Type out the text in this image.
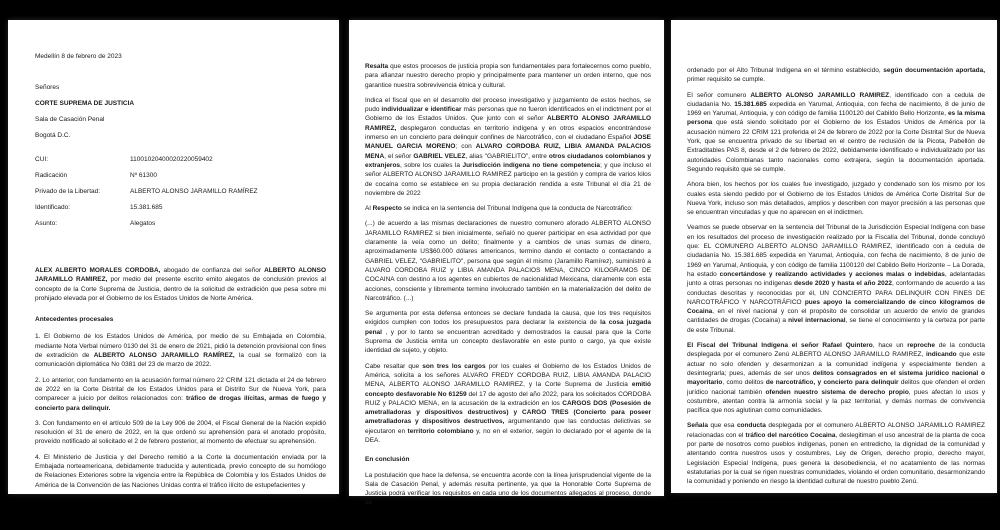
Medellín 8 de febrero de 2023

Señores

CORTE SUPREMA DE JUSTICIA

Sala de Casación Penal

Bogotá D.C.

CUI:	11001020400020220059402
Radicación	Nº 61300
Privado de la Libertad:	ALBERTO ALONSO JARAMILLO RAMÍREZ
Identificado:	15.381.685
Asunto:	Alegatos

ALEX ALBERTO MORALES CORDOBA, abogado de confianza del señor ALBERTO ALONSO JARAMILLO RAMIREZ, por medio del presente escrito emito alegatos de conclusión previos al concepto de la Corte Suprema de Justicia, dentro de la solicitud de extradición que pesa sobre mi prohijado elevada por el Gobierno de los Estados Unidos de Norte América.

Antecedentes procesales

1. El Gobierno de los Estados Unidos de América, por medio de su Embajada en Colombia, mediante Nota Verbal número 0130 del 31 de enero de 2021, pidió la detención provisional con fines de extradición de ALBERTO ALONSO JARAMILLO RAMÍREZ, la cual se formalizó con la comunicación diplomática No 0381 del 23 de marzo de 2022.

2. Lo anterior, con fundamento en la acusación formal número 22 CRIM 121 dictada el 24 de febrero de 2022 en la Corte Distrital de los Estados Unidos para el Distrito Sur de Nueva York, para comparecer a juicio por delitos relacionados con: tráfico de drogas ilícitas, armas de fuego y concierto para delinquir.

3. Con fundamento en el artículo 509 de la Ley 906 de 2004, el Fiscal General de la Nación expidió resolución el 31 de enero de 2022, en la que ordenó su aprehensión para el anotado propósito, proveído notificado al solicitado el 2 de febrero posterior, al momento de efectuar su aprehensión.

4. El Ministerio de Justicia y del Derecho remitió a la Corte la documentación enviada por la Embajada norteamericana, debidamente traducida y autenticada, previo concepto de su homólogo de Relaciones Exteriores sobre la vigencia entre la República de Colombia y los Estados Unidos de América de la Convención de las Naciones Unidas contra el tráfico ilícito de estupefacientes y

Resalta que estos procesos de justicia propia son fundamentales para fortalecernos como pueblo, para afianzar nuestro derecho propio y principalmente para mantener un orden interno, que nos garantice nuestra sobrevivencia étnica y cultural.

Indica el fiscal que en el desarrollo del proceso investigativo y juzgamiento de estos hechos, se pudo individualizar e identificar más personas que no fueron identificados en el indictment por el Gobierno de los Estados Unidos. Que junto con el señor ALBERTO ALONSO JARAMILLO RAMIREZ, desplegaron conductas en territorio indígena y en otros espacios encontrándose inmerso en un concierto para delinquir confines de Narcotráfico, con el ciudadano Español JOSE MANUEL GARCIA MORENO; con ALVARO CORDOBA RUIZ, LIBIA AMANDA PALACIOS MENA, el señor GABRIEL VELEZ, alias "GABRIELITO", entre otros ciudadanos colombianos y extranjeros, sobre los cuales la Jurisdicción indígena no tiene competencia; y que incluso el señor ALBERTO ALONSO JARAMILLO RAMIREZ participo en la gestión y compra de varios kilos de cocaína como se establece en su propia declaración rendida a este Tribunal el día 21 de noviembre de 2022

Al Respecto se indica en la sentencia del Tribunal Indígena que la conducta de Narcotráfico:

(...) de acuerdo a las mismas declaraciones de nuestro comunero aforado ALBERTO ALONSO JARAMILLO RAMIREZ si bien inicialmente, señaló no querer participar en esa actividad por que claramente la veía como un delito; finalmente y a cambios de unas sumas de dinero, aproximadamente US$60.000 dólares americanos, termino dando el contacto o contactando a GABRIEL VELEZ, "GABRIELITO", persona que según él mismo (Jaramillo Ramírez), suministró a ALVARO CORDOBA RUIZ y LIBIA AMANDA PALACIOS MENA, CINCO KILOGRAMOS DE COCAINA con destino a los agentes en cubiertos de nacionalidad Mexicana, claramente con esta acciones, consciente y libremente termino involucrado también en la materialización del delito de Narcotráfico. (...)

Se argumenta por esta defensa entonces se declare fundada la causa, que los tres requisitos exigidos cumplen con todos los presupuestos para declarar la existencia de la cosa juzgada penal , y por lo tanto se encuentran acreditado y demostrados la causal para que la Corte Suprema de Justicia emita un concepto desfavorable en este punto o cargo, ya que existe identidad de sujeto, y objeto.

Cabe resaltar que son tres los cargos por los cuales el Gobierno de los Estados Unidos de América, solicita a los señores ALVARO FREDY CORDOBA RUIZ, LIBIA AMANDA PALACIO MENA, ALBERTO ALONSO JARAMILLO RAMIREZ, y la Corte Suprema de Justicia emitió concepto desfavorable No 61259 del 17 de agosto del año 2022, para los solicitados CORDOBA RUIZ y PALACIO MENA, en la acusación de la extradición en los CARGOS DOS (Posesión de ametralladoras y dispositivos destructivos) y CARGO TRES (Concierto para poseer ametralladoras y dispositivos destructivos, argumentando que las conductas delictivas se ejecutaron en territorio colombiano y, no en el exterior, según lo declarado por el agente de la DEA.

En conclusión

La postulación que hace la defensa, se encuentra acorde con la línea jurisprudencial vigente de la Sala de Casación Penal, y además resulta pertinente, ya que la Honorable Corte Suprema de Justicia podrá verificar los requisitos en cada uno de los documentos allegados al proceso, donde se

ordenado por el Alto Tribunal Indígena en el término establecido, según documentación aportada, primer requisito se cumple.

El señor comunero ALBERTO ALONSO JARAMILLO RAMIREZ, identificado con a cedula de ciudadanía No. 15.381.685 expedida en Yarumal, Antioquia, con fecha de nacimiento, 8 de junio de 1969 en Yarumal, Antioquia, y con código de familia 1100120 del Cabildo Bello Horizonte, es la misma persona que está siendo solicitado por el Gobierno de los Estados Unidos de América por la acusación número 22 CRIM 121 proferida el 24 de febrero de 2022 por la Corte Distrital Sur de Nueva York, que se encuentra privado de su libertad en el centro de reclusión de la Picota, Pabellón de Extraditables PAS 8, desde el 2 de febrero de 2022, debidamente identificado e individualizado por las autoridades Colombianas tanto nacionales como extrajera, según la documentación aportada. Segundo requisito que se cumple.

Ahora bien, los hechos por los cuales fue investigado, juzgado y condenado son los mismo por los cuales esta siendo pedido por el Gobierno de los Estados Unidos de América Corte Distrital Sur de Nueva York, incluso son más detallados, amplios y describen con mayor precisión a las personas que se encuentran vinculadas y que no aparecen en el indictmen.

Veamos se puede observar en la sentencia del Tribunal de la Jurisdicción Especial Indígena con base en los resultados del proceso de investigación realizado por la Fiscalía del Tribunal, donde concluyó que: EL COMUNERO ALBERTO ALONSO JARAMILLO RAMIREZ, identificado con a cedula de ciudadanía No. 15.381.685 expedida en Yarumal, Antioquia, con fecha de nacimiento, 8 de junio de 1969 en Yarumal, Antioquia, y con código de familia 1100120 del Cabildo Bello Horizonte – La Dorada, ha estado concertándose y realizando actividades y acciones malas o indebidas, adelantadas junto a otras personas no indígenas desde 2020 y hasta el año 2022, conformando de acuerdo a las conductas descritas y reconocidas por él, UN CONCIERTO PARA DELINQUIR CON FINES DE NARCOTRÁFICO Y NARCOTRÁFICO pues apoyo la comercializando de cinco kilogramos de Cocaina, en el nivel nacional y con el propósito de consolidar un acuerdo de envío de grandes cantidades de drogas (Cocaina) a nivel internacional, se tiene el conocimiento y la certeza por parte de este Tribunal.

El Fiscal del Tribunal Indígena el señor Rafael Quintero, hace un reproche de la conducta desplegada por el comunero Zenú ALBERTO ALONSO JARAMILLO RAMIREZ, indicando que este actuar no solo ofenden y desarmonizan a la comunidad indígena y especialmente tienden a desintegrarla; pues, además de ser unos delitos consagrados en el sistema jurídico nacional o mayoritario, como delitos de narcotráfico, y concierto para delinquir delitos que ofenden el orden jurídico nacional también ofenden nuestro sistema de derecho propio, pues afectan lo usos y costumbre, atentan contra la armonía social y la paz territorial, y demás normas de convivencia pacífica que nos aglutinan como comunidades.

Señala que esa conducta desplegada por el comunero ALBERTO ALONSO JARAMILLO RAMIREZ relacionadas con el tráfico del narcótico Cocaina, deslegitiman el uso ancestral de la planta de coca por parte de nosotros como pueblos indígenas, ponen en entredicho, la dignidad de la comunidad y atentando contra nuestros usos y costumbres, Ley de Origen, derecho propio, derecho mayor, Legislación Especial Indígena, pues genera la desobediencia, el no acatamiento de las normas estatutarias por la cual se rigen nuestras comunidades, violando el orden comunitario, desarmonizando la comunidad y poniendo en riesgo la identidad cultural de nuestro pueblo Zenú.
